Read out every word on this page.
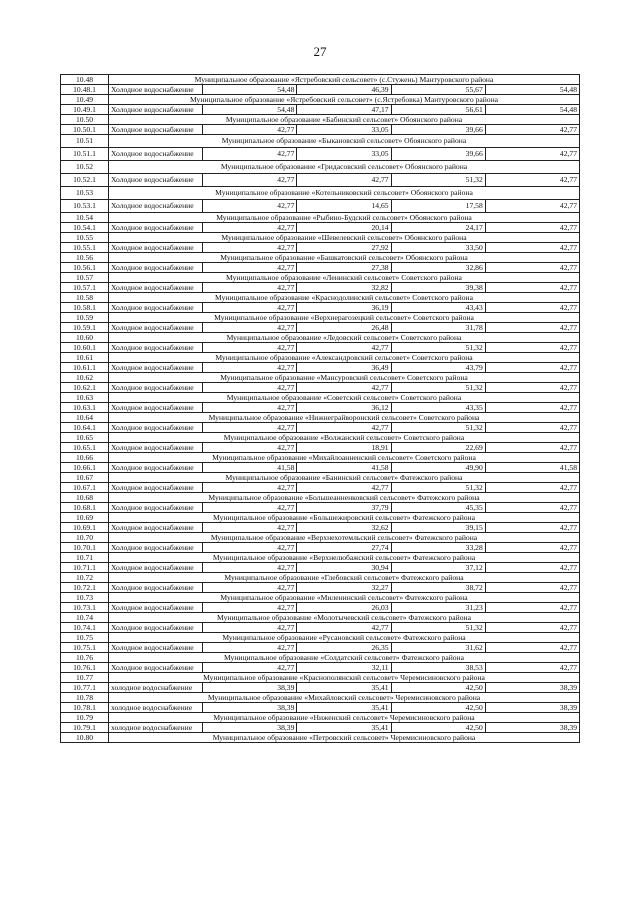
27
10.48	Муниципальное образование «Ястребовский сельсовет» (с.Стужень) Мантуровского района				
10.48.1	Холодное водоснабжение	54,48	46,39	55,67	54,48
10.49	Муниципальное образование «Ястребовский сельсовет» (с.Ястребовка) Мантуровского района				
10.49.1	Холодное водоснабжение	54,48	47,17	56,61	54,48
10.50	Муниципальное образование «Бабинский сельсовет» Обоянского района				
10.50.1	Холодное водоснабжение	42,77	33,05	39,66	42,77
10.51	Муниципальное образование «Быкановский сельсовет» Обоянского района				
10.51.1	Холодное водоснабжение	42,77	33,05	39,66	42,77
10.52	Муниципальное образование «Гридасовский сельсовет» Обоянского района				
10.52.1	Холодное водоснабжение	42,77	42,77	51,32	42,77
10.53	Муниципальное образование «Котельниковский сельсовет» Обоянского района				
10.53.1	Холодное водоснабжение	42,77	14,65	17,58	42,77
10.54	Муниципальное образование «Рыбино-Будский сельсовет» Обоянского района				
10.54.1	Холодное водоснабжение	42,77	20,14	24,17	42,77
10.55	Муниципальное образование «Шевелевский сельсовет» Обоянского района				
10.55.1	Холодное водоснабжение	42,77	27,92	33,50	42,77
10.56	Муниципальное образование «Башкатовский сельсовет» Обоянского района				
10.56.1	Холодное водоснабжение	42,77	27,38	32,86	42,77
10.57	Муниципальное образование «Ленинский сельсовет» Советского района				
10.57.1	Холодное водоснабжение	42,77	32,82	39,38	42,77
10.58	Муниципальное образование «Краснодолинский сельсовет» Советского района				
10.58.1	Холодное водоснабжение	42,77	36,19	43,43	42,77
10.59	Муниципальное образование «Верхнерагозецкий сельсовет» Советского района				
10.59.1	Холодное водоснабжение	42,77	26,48	31,78	42,77
10.60	Муниципальное образование «Ледовский сельсовет» Советского района				
10.60.1	Холодное водоснабжение	42,77	42,77	51,32	42,77
10.61	Муниципальное образование «Александровский сельсовет» Советского района				
10.61.1	Холодное водоснабжение	42,77	36,49	43,79	42,77
10.62	Муниципальное образование «Мансуровский сельсовет» Советского района				
10.62.1	Холодное водоснабжение	42,77	42,77	51,32	42,77
10.63	Муниципальное образование «Советский сельсовет» Советского района				
10.63.1	Холодное водоснабжение	42,77	36,12	43,35	42,77
10.64	Муниципальное образование «Нижнеграйворонский сельсовет» Советского района				
10.64.1	Холодное водоснабжение	42,77	42,77	51,32	42,77
10.65	Муниципальное образование «Волжанский сельсовет» Советского района				
10.65.1	Холодное водоснабжение	42,77	18,91	22,69	42,77
10.66	Муниципальное образование «Михайлоанненский сельсовет» Советского района				
10.66.1	Холодное водоснабжение	41,58	41,58	49,90	41,58
10.67	Муниципальное образование «Банинский сельсовет» Фатежского района				
10.67.1	Холодное водоснабжение	42,77	42,77	51,32	42,77
10.68	Муниципальное образование «Большеанненковский сельсовет» Фатежского района				
10.68.1	Холодное водоснабжение	42,77	37,79	45,35	42,77
10.69	Муниципальное образование «Большежировский сельсовет» Фатежского района				
10.69.1	Холодное водоснабжение	42,77	32,62	39,15	42,77
10.70	Муниципальное образование «Верхнехотемльский сельсовет» Фатежского района				
10.70.1	Холодное водоснабжение	42,77	27,74	33,28	42,77
10.71	Муниципальное образование «Верхнелюбажский сельсовет» Фатежского района				
10.71.1	Холодное водоснабжение	42,77	30,94	37,12	42,77
10.72	Муниципальное образование «Глебовский сельсовет» Фатежского района				
10.72.1	Холодное водоснабжение	42,77	32,27	38,72	42,77
10.73	Муниципальное образование «Миленинский сельсовет» Фатежского района				
10.73.1	Холодное водоснабжение	42,77	26,03	31,23	42,77
10.74	Муниципальное образование «Молотычевский сельсовет» Фатежского района				
10.74.1	Холодное водоснабжение	42,77	42,77	51,32	42,77
10.75	Муниципальное образование «Русановский сельсовет» Фатежского района				
10.75.1	Холодное водоснабжение	42,77	26,35	31,62	42,77
10.76	Муниципальное образование «Солдатский сельсовет» Фатежского района				
10.76.1	Холодное водоснабжение	42,77	32,11	38,53	42,77
10.77	Муниципальное образование «Краснополянский сельсовет» Черемисиновского района				
10.77.1	холодное водоснабжение	38,39	35,41	42,50	38,39
10.78	Муниципальное образование «Михайловский сельсовет» Черемисиновского района				
10.78.1	холодное водоснабжение	38,39	35,41	42,50	38,39
10.79	Муниципальное образование «Ниженский сельсовет» Черемисиновского района				
10.79.1	холодное водоснабжение	38,39	35,41	42,50	38,39
10.80	Муниципальное образование «Петровский сельсовет» Черемисиновского района				
